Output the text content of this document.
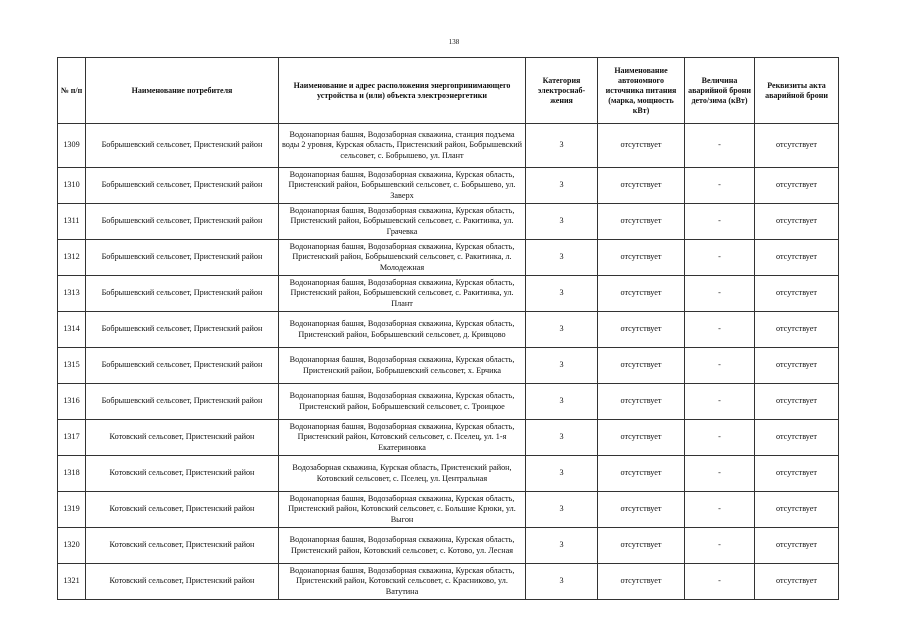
138
№ п/п	Наименование потребителя	Наименование и адрес расположения энергопринимающего устройства и (или) объекта электроэнергетики	Категория электроснаб-жения	Наименование автономного источника питания (марка, мощность кВт)	Величина аварийной брони дето/зима (кВт)	Реквизиты акта аварийной брони
1309	Бобрышевский сельсовет, Пристенский район	Водонапорная башня, Водозаборная скважина, станция подъема воды 2 уровня, Курская область, Пристенский район, Бобрышевский сельсовет, с. Бобрышево, ул. Плант	3	отсутствует	-	отсутствует
1310	Бобрышевский сельсовет, Пристенский район	Водонапорная башня, Водозаборная скважина, Курская область, Пристенский район, Бобрышевский сельсовет, с. Бобрышево, ул. Заверх	3	отсутствует	-	отсутствует
1311	Бобрышевский сельсовет, Пристенский район	Водонапорная башня, Водозаборная скважина, Курская область, Пристенский район, Бобрышевский сельсовет, с. Ракитинка, ул. Грачевка	3	отсутствует	-	отсутствует
1312	Бобрышевский сельсовет, Пристенский район	Водонапорная башня, Водозаборная скважина, Курская область, Пристенский район, Бобрышевский сельсовет, с. Ракитинка, л. Молодежная	3	отсутствует	-	отсутствует
1313	Бобрышевский сельсовет, Пристенский район	Водонапорная башня, Водозаборная скважина, Курская область, Пристенский район, Бобрышевский сельсовет, с. Ракитинка, ул. Плант	3	отсутствует	-	отсутствует
1314	Бобрышевский сельсовет, Пристенский район	Водонапорная башня, Водозаборная скважина, Курская область, Пристенский район, Бобрышевский сельсовет, д. Кривцово	3	отсутствует	-	отсутствует
1315	Бобрышевский сельсовет, Пристенский район	Водонапорная башня, Водозаборная скважина, Курская область, Пристенский район, Бобрышевский сельсовет, х. Ерчика	3	отсутствует	-	отсутствует
1316	Бобрышевский сельсовет, Пристенский район	Водонапорная башня, Водозаборная скважина, Курская область, Пристенский район, Бобрышевский сельсовет, с. Троицкое	3	отсутствует	-	отсутствует
1317	Котовский сельсовет, Пристенский район	Водонапорная башня, Водозаборная скважина, Курская область, Пристенский район, Котовский сельсовет, с. Пселец, ул. 1-я Екатериновка	3	отсутствует	-	отсутствует
1318	Котовский сельсовет, Пристенский район	Водозаборная скважина, Курская область, Пристенский район, Котовский сельсовет, с. Пселец, ул. Центральная	3	отсутствует	-	отсутствует
1319	Котовский сельсовет, Пристенский район	Водонапорная башня, Водозаборная скважина, Курская область, Пристенский район, Котовский сельсовет, с. Большие Крюки, ул. Выгон	3	отсутствует	-	отсутствует
1320	Котовский сельсовет, Пристенский район	Водонапорная башня, Водозаборная скважина, Курская область, Пристенский район, Котовский сельсовет, с. Котово, ул. Лесная	3	отсутствует	-	отсутствует
1321	Котовский сельсовет, Пристенский район	Водонапорная башня, Водозаборная скважина, Курская область, Пристенский район, Котовский сельсовет, с. Красниково, ул. Ватутина	3	отсутствует	-	отсутствует
